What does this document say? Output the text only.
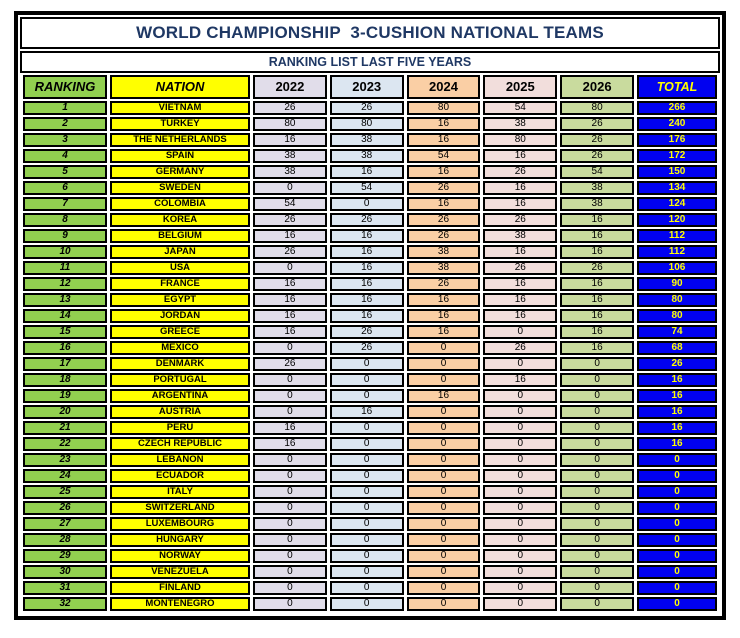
WORLD CHAMPIONSHIP  3-CUSHION NATIONAL TEAMS
RANKING LIST LAST FIVE YEARS
RANKING	NATION	2022	2023	2024	2025	2026	TOTAL
1	VIETNAM	26	26	80	54	80	266
2	TURKEY	80	80	16	38	26	240
3	THE NETHERLANDS	16	38	16	80	26	176
4	SPAIN	38	38	54	16	26	172
5	GERMANY	38	16	16	26	54	150
6	SWEDEN	0	54	26	16	38	134
7	COLOMBIA	54	0	16	16	38	124
8	KOREA	26	26	26	26	16	120
9	BELGIUM	16	16	26	38	16	112
10	JAPAN	26	16	38	16	16	112
11	USA	0	16	38	26	26	106
12	FRANCE	16	16	26	16	16	90
13	EGYPT	16	16	16	16	16	80
14	JORDAN	16	16	16	16	16	80
15	GREECE	16	26	16	0	16	74
16	MEXICO	0	26	0	26	16	68
17	DENMARK	26	0	0	0	0	26
18	PORTUGAL	0	0	0	16	0	16
19	ARGENTINA	0	0	16	0	0	16
20	AUSTRIA	0	16	0	0	0	16
21	PERU	16	0	0	0	0	16
22	CZECH REPUBLIC	16	0	0	0	0	16
23	LEBANON	0	0	0	0	0	0
24	ECUADOR	0	0	0	0	0	0
25	ITALY	0	0	0	0	0	0
26	SWITZERLAND	0	0	0	0	0	0
27	LUXEMBOURG	0	0	0	0	0	0
28	HUNGARY	0	0	0	0	0	0
29	NORWAY	0	0	0	0	0	0
30	VENEZUELA	0	0	0	0	0	0
31	FINLAND	0	0	0	0	0	0
32	MONTENEGRO	0	0	0	0	0	0
